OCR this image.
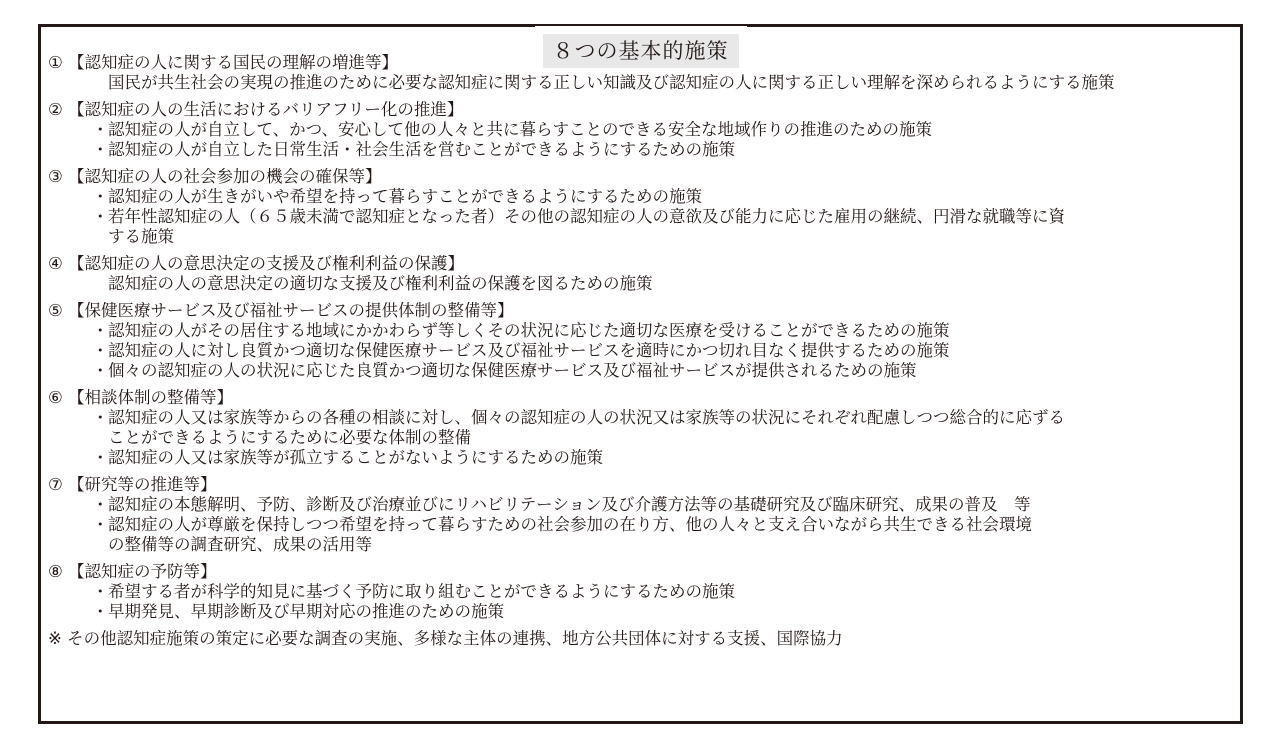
８つの基本的施策
① 【認知症の人に関する国民の理解の増進等】
国民が共生社会の実現の推進のために必要な認知症に関する正しい知識及び認知症の人に関する正しい理解を深められるようにする施策
② 【認知症の人の生活におけるバリアフリー化の推進】
・認知症の人が自立して、かつ、安心して他の人々と共に暮らすことのできる安全な地域作りの推進のための施策
・認知症の人が自立した日常生活・社会生活を営むことができるようにするための施策
③ 【認知症の人の社会参加の機会の確保等】
・認知症の人が生きがいや希望を持って暮らすことができるようにするための施策
・若年性認知症の人（６５歳未満で認知症となった者）その他の認知症の人の意欲及び能力に応じた雇用の継続、円滑な就職等に資
する施策
④ 【認知症の人の意思決定の支援及び権利利益の保護】
認知症の人の意思決定の適切な支援及び権利利益の保護を図るための施策
⑤ 【保健医療サービス及び福祉サービスの提供体制の整備等】
・認知症の人がその居住する地域にかかわらず等しくその状況に応じた適切な医療を受けることができるための施策
・認知症の人に対し良質かつ適切な保健医療サービス及び福祉サービスを適時にかつ切れ目なく提供するための施策
・個々の認知症の人の状況に応じた良質かつ適切な保健医療サービス及び福祉サービスが提供されるための施策
⑥ 【相談体制の整備等】
・認知症の人又は家族等からの各種の相談に対し、個々の認知症の人の状況又は家族等の状況にそれぞれ配慮しつつ総合的に応ずる
ことができるようにするために必要な体制の整備
・認知症の人又は家族等が孤立することがないようにするための施策
⑦ 【研究等の推進等】
・認知症の本態解明、予防、診断及び治療並びにリハビリテーション及び介護方法等の基礎研究及び臨床研究、成果の普及　等
・認知症の人が尊厳を保持しつつ希望を持って暮らすための社会参加の在り方、他の人々と支え合いながら共生できる社会環境
の整備等の調査研究、成果の活用等
⑧ 【認知症の予防等】
・希望する者が科学的知見に基づく予防に取り組むことができるようにするための施策
・早期発見、早期診断及び早期対応の推進のための施策
※ その他認知症施策の策定に必要な調査の実施、多様な主体の連携、地方公共団体に対する支援、国際協力
